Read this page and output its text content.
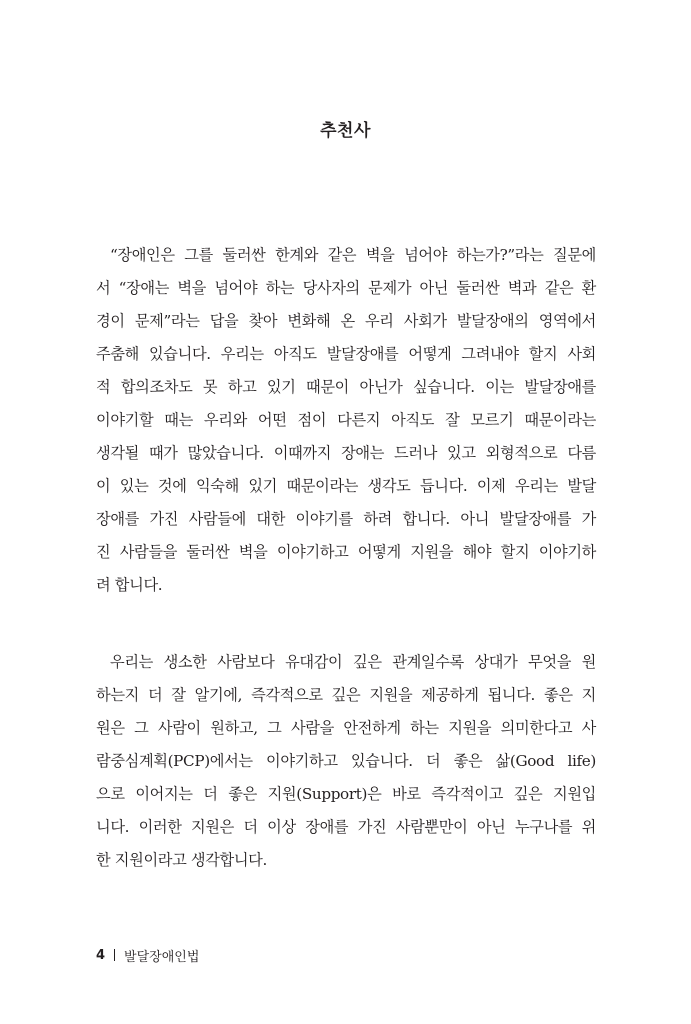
추천사

“장애인은 그를 둘러싼 한계와 같은 벽을 넘어야 하는가?”라는 질문에
서 “장애는 벽을 넘어야 하는 당사자의 문제가 아닌 둘러싼 벽과 같은 환
경이 문제”라는 답을 찾아 변화해 온 우리 사회가 발달장애의 영역에서
주춤해 있습니다. 우리는 아직도 발달장애를 어떻게 그려내야 할지 사회
적 합의조차도 못 하고 있기 때문이 아닌가 싶습니다. 이는 발달장애를
이야기할 때는 우리와 어떤 점이 다른지 아직도 잘 모르기 때문이라는
생각될 때가 많았습니다. 이때까지 장애는 드러나 있고 외형적으로 다름
이 있는 것에 익숙해 있기 때문이라는 생각도 듭니다. 이제 우리는 발달
장애를 가진 사람들에 대한 이야기를 하려 합니다. 아니 발달장애를 가
진 사람들을 둘러싼 벽을 이야기하고 어떻게 지원을 해야 할지 이야기하
려 합니다.

우리는 생소한 사람보다 유대감이 깊은 관계일수록 상대가 무엇을 원
하는지 더 잘 알기에, 즉각적으로 깊은 지원을 제공하게 됩니다. 좋은 지
원은 그 사람이 원하고, 그 사람을 안전하게 하는 지원을 의미한다고 사
람중심계획(PCP)에서는 이야기하고 있습니다. 더 좋은 삶(Good life)
으로 이어지는 더 좋은 지원(Support)은 바로 즉각적이고 깊은 지원입
니다. 이러한 지원은 더 이상 장애를 가진 사람뿐만이 아닌 누구나를 위
한 지원이라고 생각합니다.

4 발달장애인법
